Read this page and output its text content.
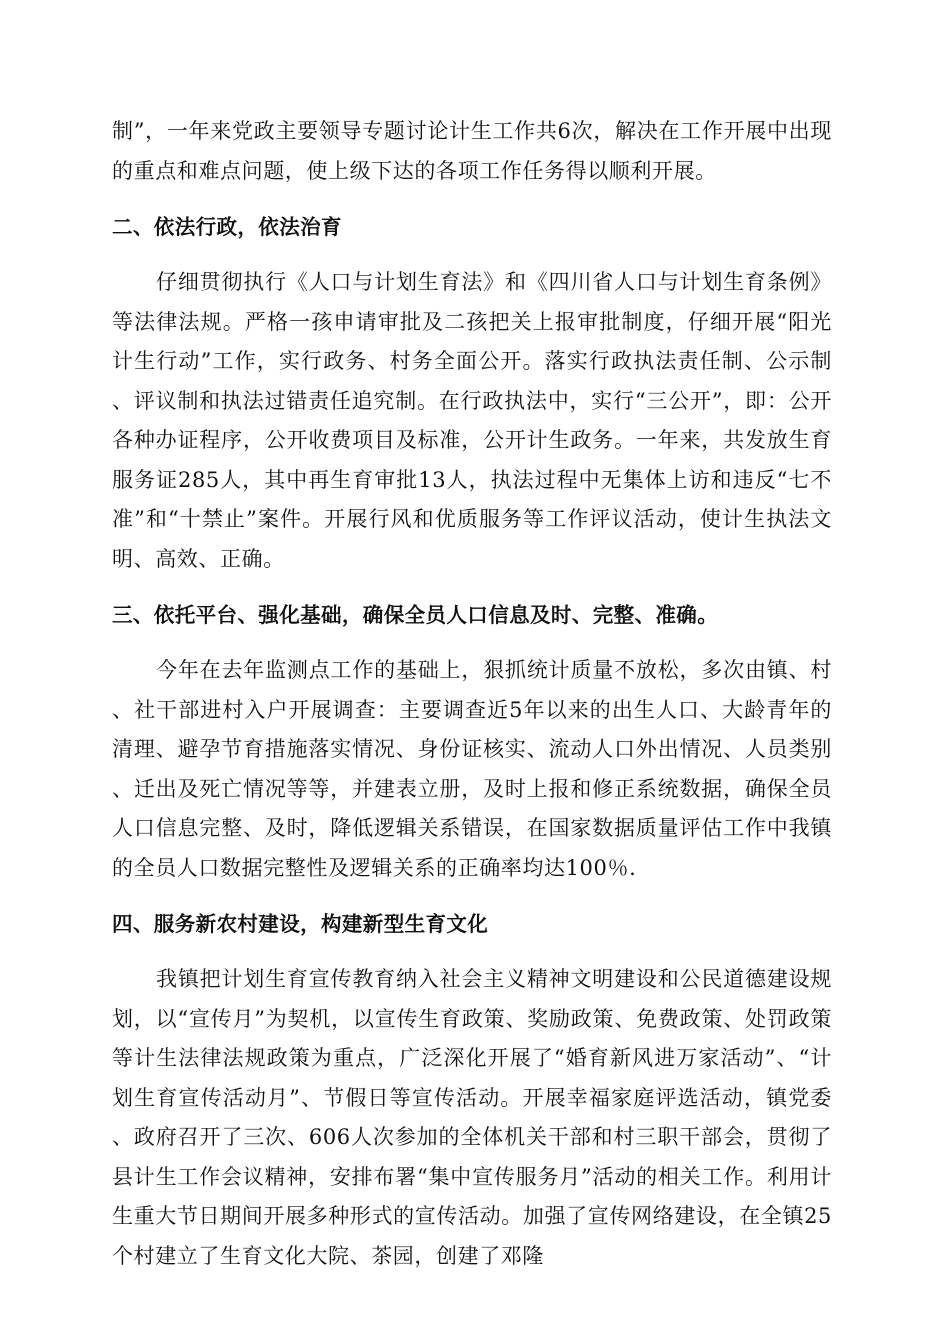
制”，一年来党政主要领导专题讨论计生工作共6次，解决在工作开展中出现的重点和难点问题，使上级下达的各项工作任务得以顺利开展。

二、依法行政，依法治育

仔细贯彻执行《人口与计划生育法》和《四川省人口与计划生育条例》等法律法规。严格一孩申请审批及二孩把关上报审批制度，仔细开展“阳光计生行动”工作，实行政务、村务全面公开。落实行政执法责任制、公示制、评议制和执法过错责任追究制。在行政执法中，实行“三公开”，即：公开各种办证程序，公开收费项目及标准，公开计生政务。一年来，共发放生育服务证285人，其中再生育审批13人，执法过程中无集体上访和违反“七不准”和“十禁止”案件。开展行风和优质服务等工作评议活动，使计生执法文明、高效、正确。

三、依托平台、强化基础，确保全员人口信息及时、完整、准确。

今年在去年监测点工作的基础上，狠抓统计质量不放松，多次由镇、村、社干部进村入户开展调查：主要调查近5年以来的出生人口、大龄青年的清理、避孕节育措施落实情况、身份证核实、流动人口外出情况、人员类别、迁出及死亡情况等等，并建表立册，及时上报和修正系统数据，确保全员人口信息完整、及时，降低逻辑关系错误，在国家数据质量评估工作中我镇的全员人口数据完整性及逻辑关系的正确率均达100％.

四、服务新农村建设，构建新型生育文化

我镇把计划生育宣传教育纳入社会主义精神文明建设和公民道德建设规划，以“宣传月”为契机，以宣传生育政策、奖励政策、免费政策、处罚政策等计生法律法规政策为重点，广泛深化开展了“婚育新风进万家活动”、“计划生育宣传活动月”、节假日等宣传活动。开展幸福家庭评选活动，镇党委、政府召开了三次、606人次参加的全体机关干部和村三职干部会，贯彻了县计生工作会议精神，安排布署“集中宣传服务月”活动的相关工作。利用计生重大节日期间开展多种形式的宣传活动。加强了宣传网络建设，在全镇25个村建立了生育文化大院、茶园，创建了邓隆
